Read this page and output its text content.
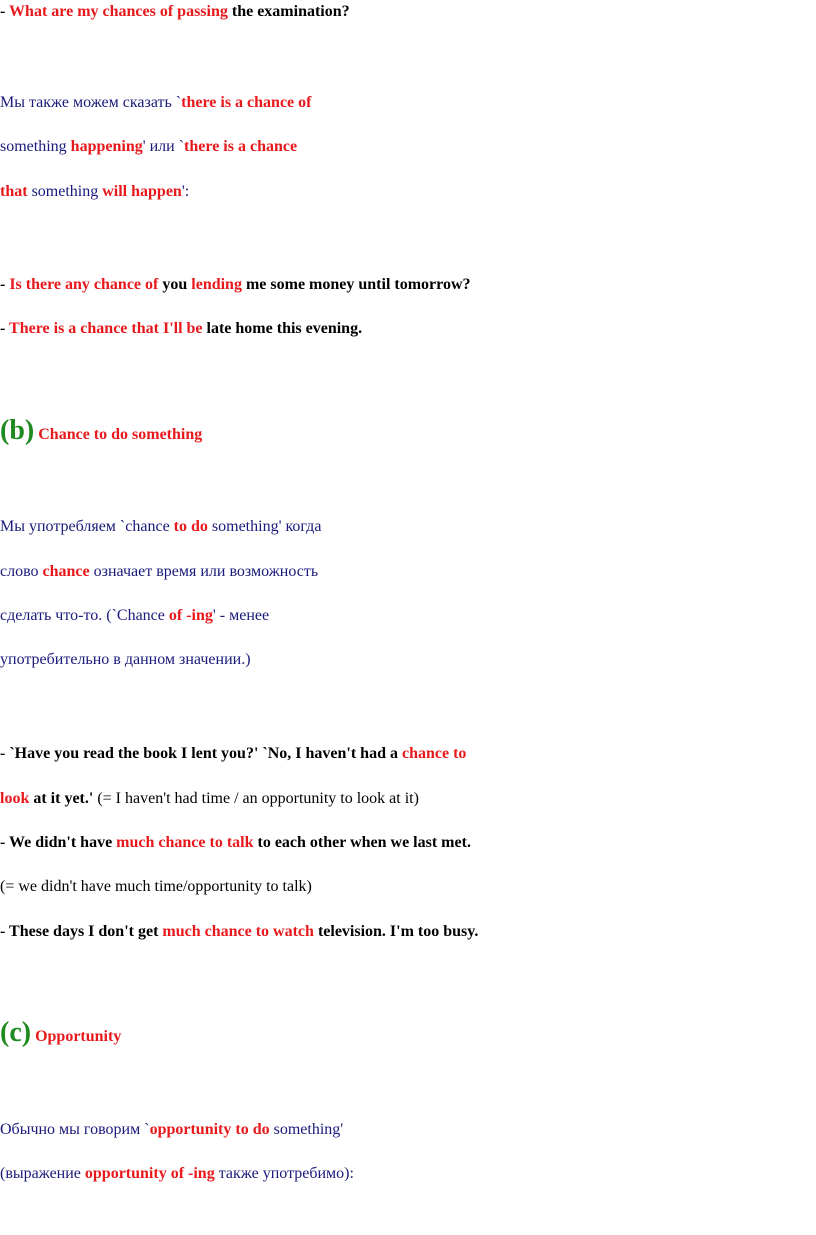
- What are my chances of passing the examination?

Мы также можем сказать `there is a chance of

something happening' или `there is a chance

that something will happen':

- Is there any chance of you lending me some money until tomorrow?

- There is a chance that I'll be late home this evening.

(b) Chance to do something

Мы употребляем `chance to do something' когда

слово chance означает время или возможность

сделать что-то. (`Chance of -ing' - менее

употребительно в данном значении.)

- `Have you read the book I lent you?' `No, I haven't had a chance to

look at it yet.' (= I haven't had time / an opportunity to look at it)

- We didn't have much chance to talk to each other when we last met.

(= we didn't have much time/opportunity to talk)

- These days I don't get much chance to watch television. I'm too busy.

(c) Opportunity

Обычно мы говорим `opportunity to do something'

(выражение opportunity of -ing также употребимо):
